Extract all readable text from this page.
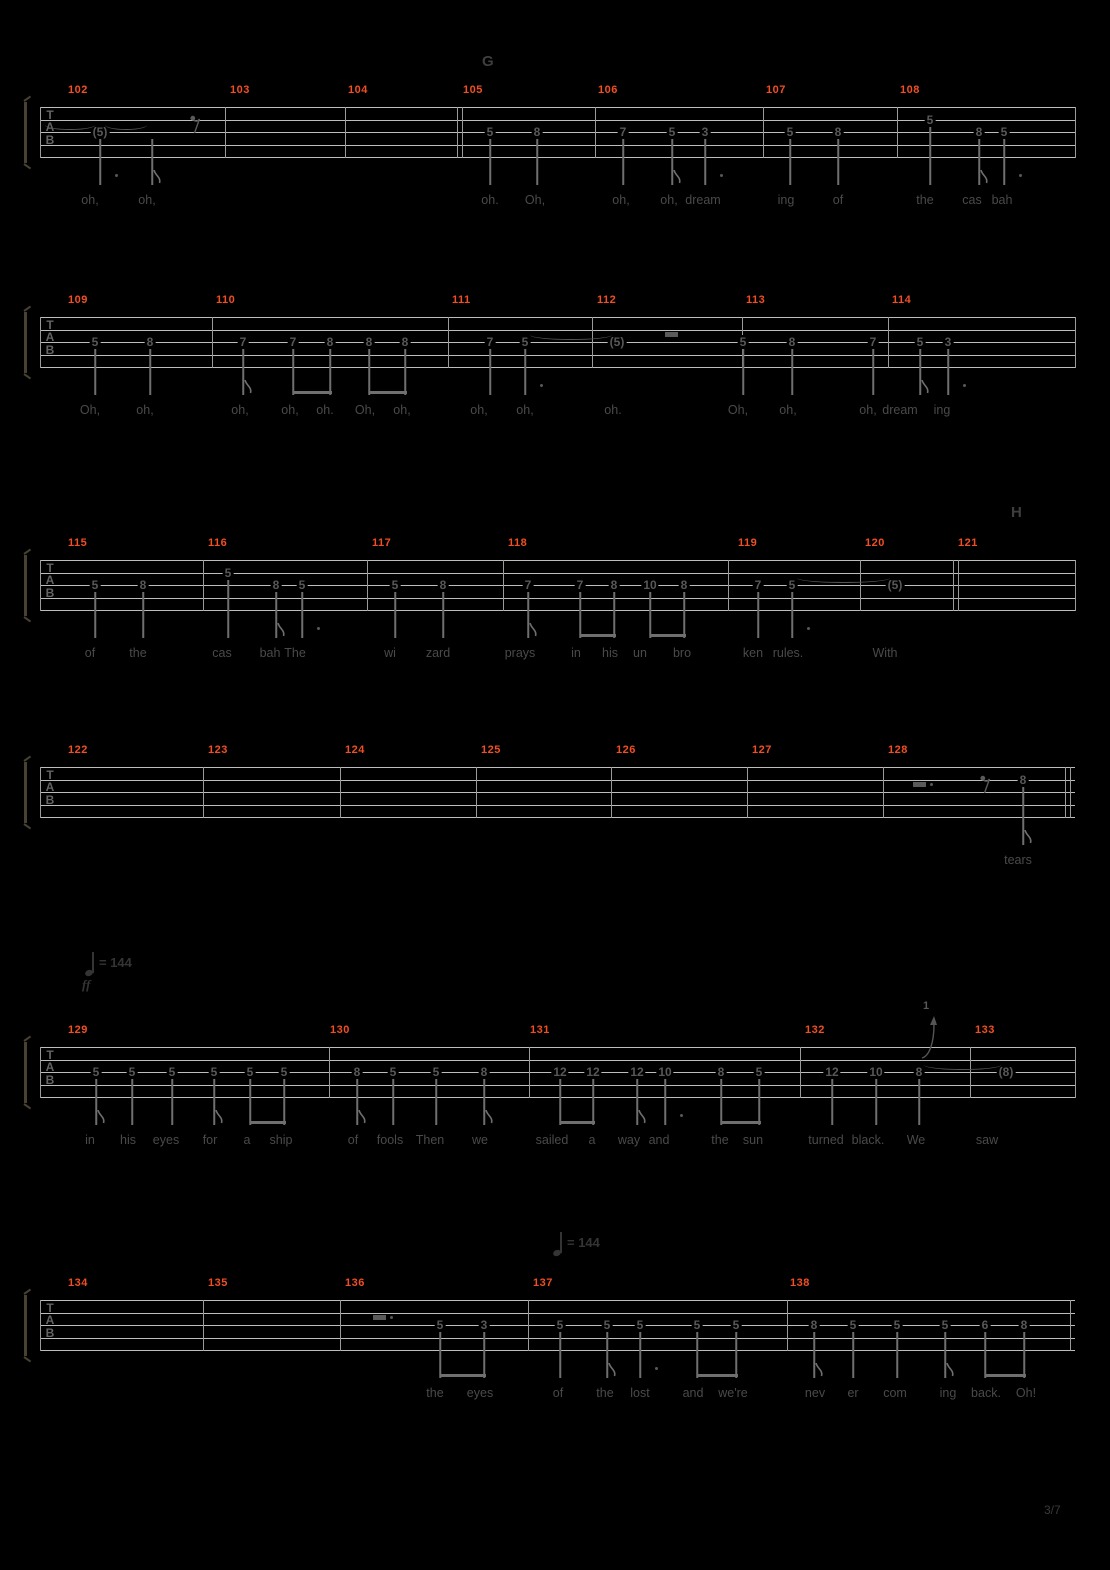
T
A
B
102	103	104	105	106	107	108
(5)	5	8	7	5 3	5	8
5
8 5
oh,	oh,	oh. Oh,	oh, oh, dream	ing	of	the cas bah
T
A
B
109	110	111	112	113	114
5	8	7	7	8	8 8	7 5	(5)	5	8	7	5 3
Oh,	oh,	oh,	oh, oh. Oh, oh,	oh, oh,	oh.	Oh, oh,	oh, dream ing
T
A
B
115	116	117	118	119	120	121
5	8
5
8 5	5	8	7	7 8 10 8	7 5	(5)
of	the	cas bah The	wi zard	prays	in his un bro	ken rules.	With
T
A
B
122	123	124	125	126	127	128
8
tears
T
A
B
129	130	131	132	133
5 5	5	5 5 5	8 5	5	8	12 12	12 10	8	5	12	10	8	(8)
1
in his eyes for a ship	of fools Then we	sailed a way and	the sun	turned black. We	saw
T
A
B
134	135	136	137	138
5	3	5	5 5	5	5	8	5	5	5	6	8
the eyes	of	the lost	and we're	nev er com	ing back. Oh!
G
H
= 144
ff
= 144
3/7
